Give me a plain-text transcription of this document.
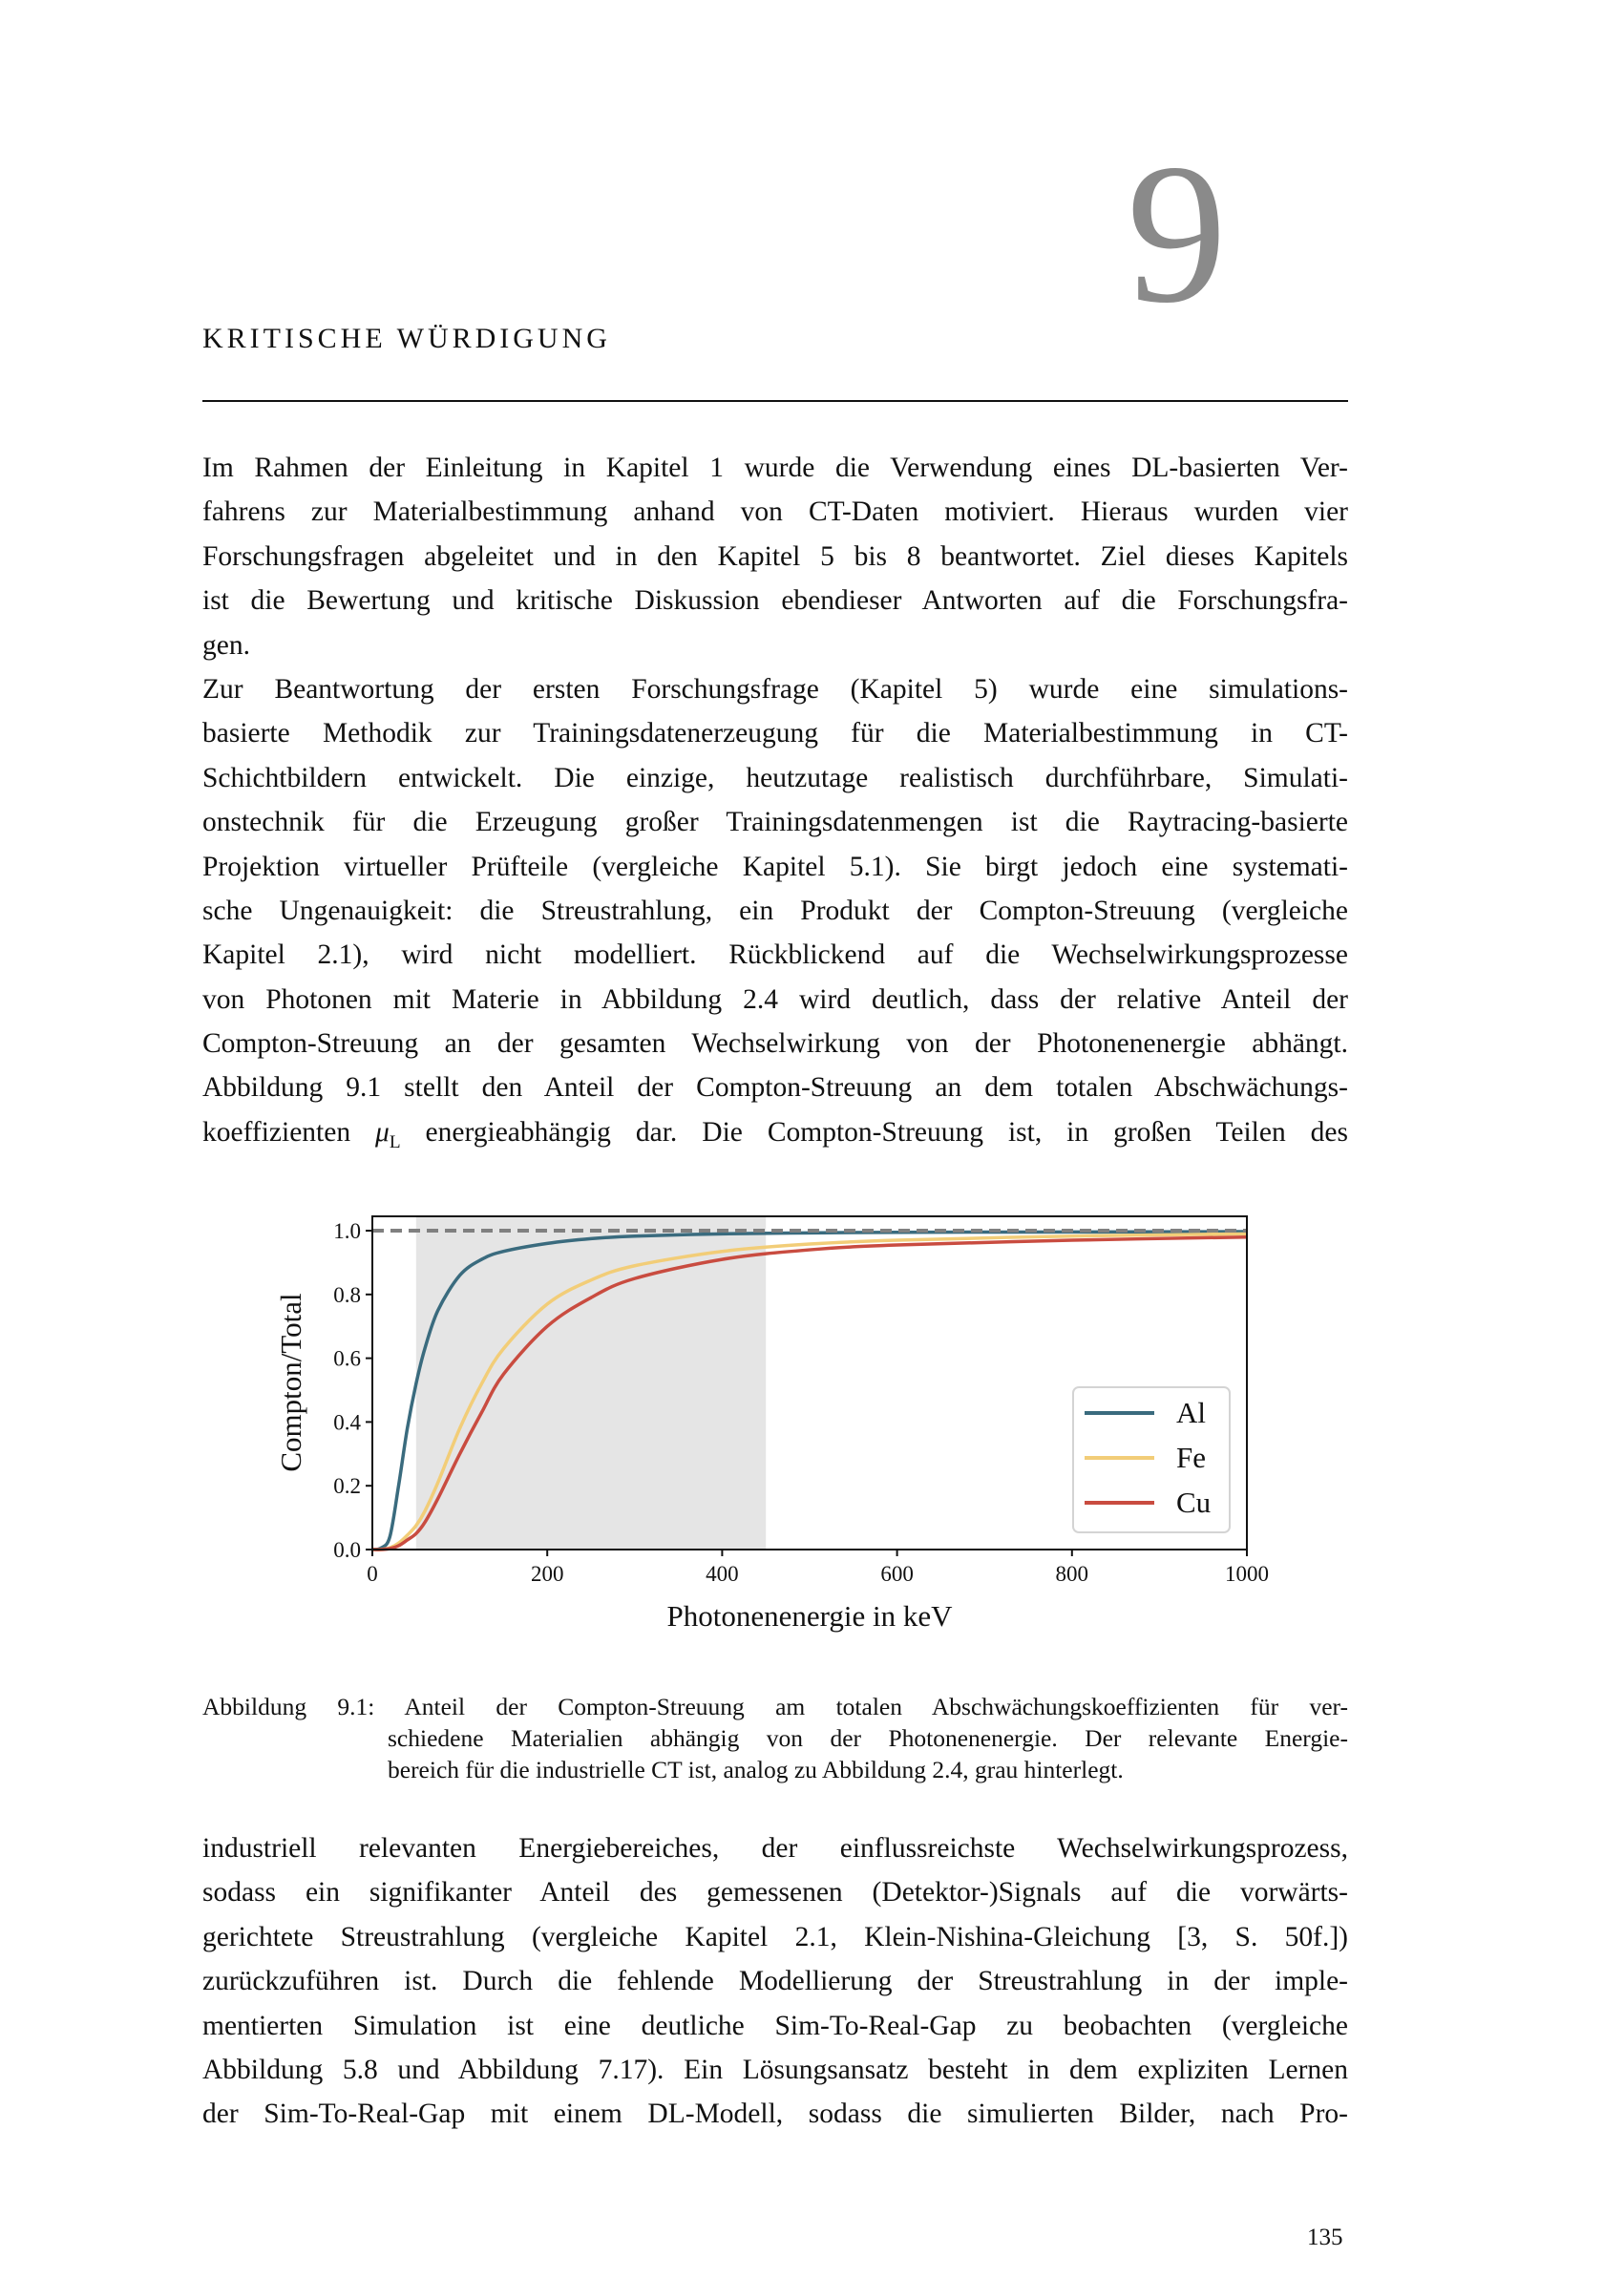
9
KRITISCHE WÜRDIGUNG
Im Rahmen der Einleitung in Kapitel 1 wurde die Verwendung eines DL-basierten Ver-
fahrens zur Materialbestimmung anhand von CT-Daten motiviert. Hieraus wurden vier
Forschungsfragen abgeleitet und in den Kapitel 5 bis 8 beantwortet. Ziel dieses Kapitels
ist die Bewertung und kritische Diskussion ebendieser Antworten auf die Forschungsfra-
gen.
Zur Beantwortung der ersten Forschungsfrage (Kapitel 5) wurde eine simulations-
basierte Methodik zur Trainingsdatenerzeugung für die Materialbestimmung in CT-
Schichtbildern entwickelt. Die einzige, heutzutage realistisch durchführbare, Simulati-
onstechnik für die Erzeugung großer Trainingsdatenmengen ist die Raytracing-basierte
Projektion virtueller Prüfteile (vergleiche Kapitel 5.1). Sie birgt jedoch eine systemati-
sche Ungenauigkeit: die Streustrahlung, ein Produkt der Compton-Streuung (vergleiche
Kapitel 2.1), wird nicht modelliert. Rückblickend auf die Wechselwirkungsprozesse
von Photonen mit Materie in Abbildung 2.4 wird deutlich, dass der relative Anteil der
Compton-Streuung an der gesamten Wechselwirkung von der Photonenenergie abhängt.
Abbildung 9.1 stellt den Anteil der Compton-Streuung an dem totalen Abschwächungs-
koeffizienten $\mu_L$ energieabhängig dar. Die Compton-Streuung ist, in großen Teilen des
0.0
0.2
0.4
0.6
0.8
1.0
0	200	400	600	800	1000
Photonenenergie in keV
Compton/Total	Al
Fe
Cu
Abbildung 9.1: Anteil der Compton-Streuung am totalen Abschwächungskoeffizienten für ver-
schiedene Materialien abhängig von der Photonenenergie. Der relevante Energie-
bereich für die industrielle CT ist, analog zu Abbildung 2.4, grau hinterlegt.
industriell relevanten Energiebereiches, der einflussreichste Wechselwirkungsprozess,
sodass ein signifikanter Anteil des gemessenen (Detektor-)Signals auf die vorwärts-
gerichtete Streustrahlung (vergleiche Kapitel 2.1, Klein-Nishina-Gleichung [3, S. 50f.])
zurückzuführen ist. Durch die fehlende Modellierung der Streustrahlung in der imple-
mentierten Simulation ist eine deutliche Sim-To-Real-Gap zu beobachten (vergleiche
Abbildung 5.8 und Abbildung 7.17). Ein Lösungsansatz besteht in dem expliziten Lernen
der Sim-To-Real-Gap mit einem DL-Modell, sodass die simulierten Bilder, nach Pro-
135
